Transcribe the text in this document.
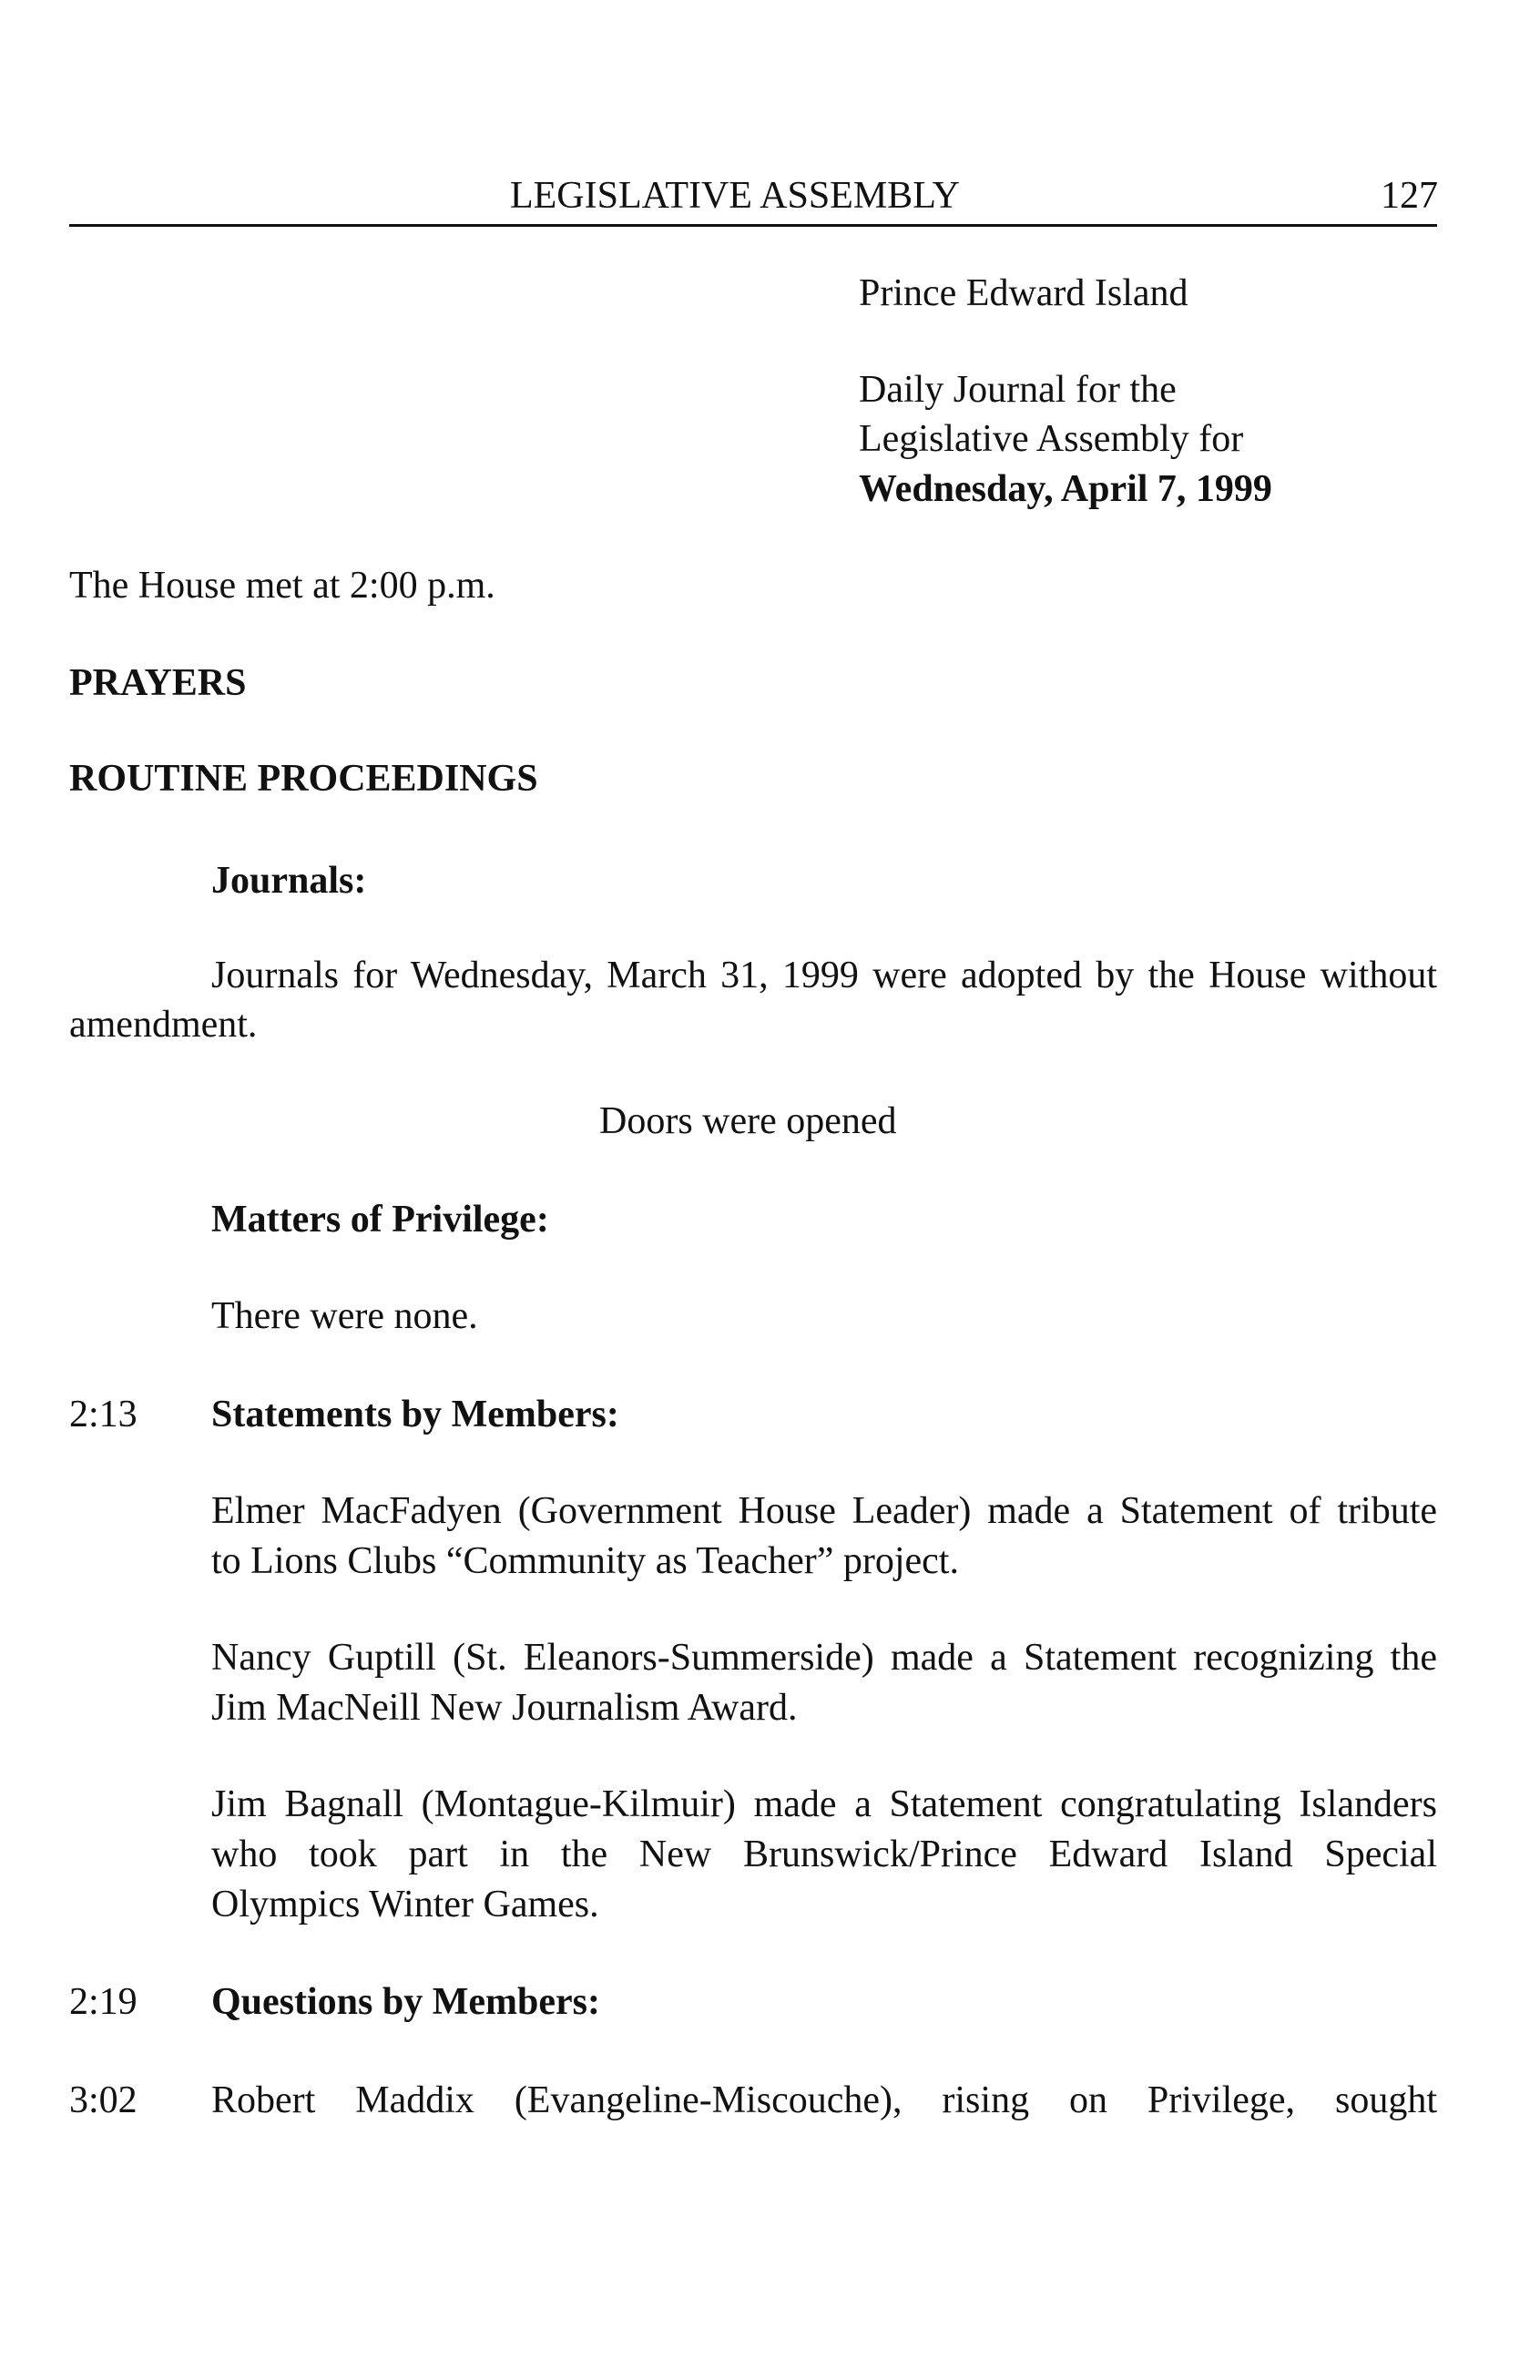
LEGISLATIVE ASSEMBLY	127
Prince Edward Island
Daily Journal for the
Legislative Assembly for
Wednesday, April 7, 1999
The House met at 2:00 p.m.
PRAYERS
ROUTINE PROCEEDINGS
Journals:
Journals for Wednesday, March 31, 1999 were adopted by the House without
amendment.
Doors were opened
Matters of Privilege:
There were none.
2:13 Statements by Members:
Elmer MacFadyen (Government House Leader) made a Statement of tribute
to Lions Clubs “Community as Teacher” project.
Nancy Guptill (St. Eleanors-Summerside) made a Statement recognizing the
Jim MacNeill New Journalism Award.
Jim Bagnall (Montague-Kilmuir) made a Statement congratulating Islanders
who took part in the New Brunswick/Prince Edward Island Special
Olympics Winter Games.
2:19 Questions by Members:
3:02 Robert Maddix (Evangeline-Miscouche), rising on Privilege, sought
